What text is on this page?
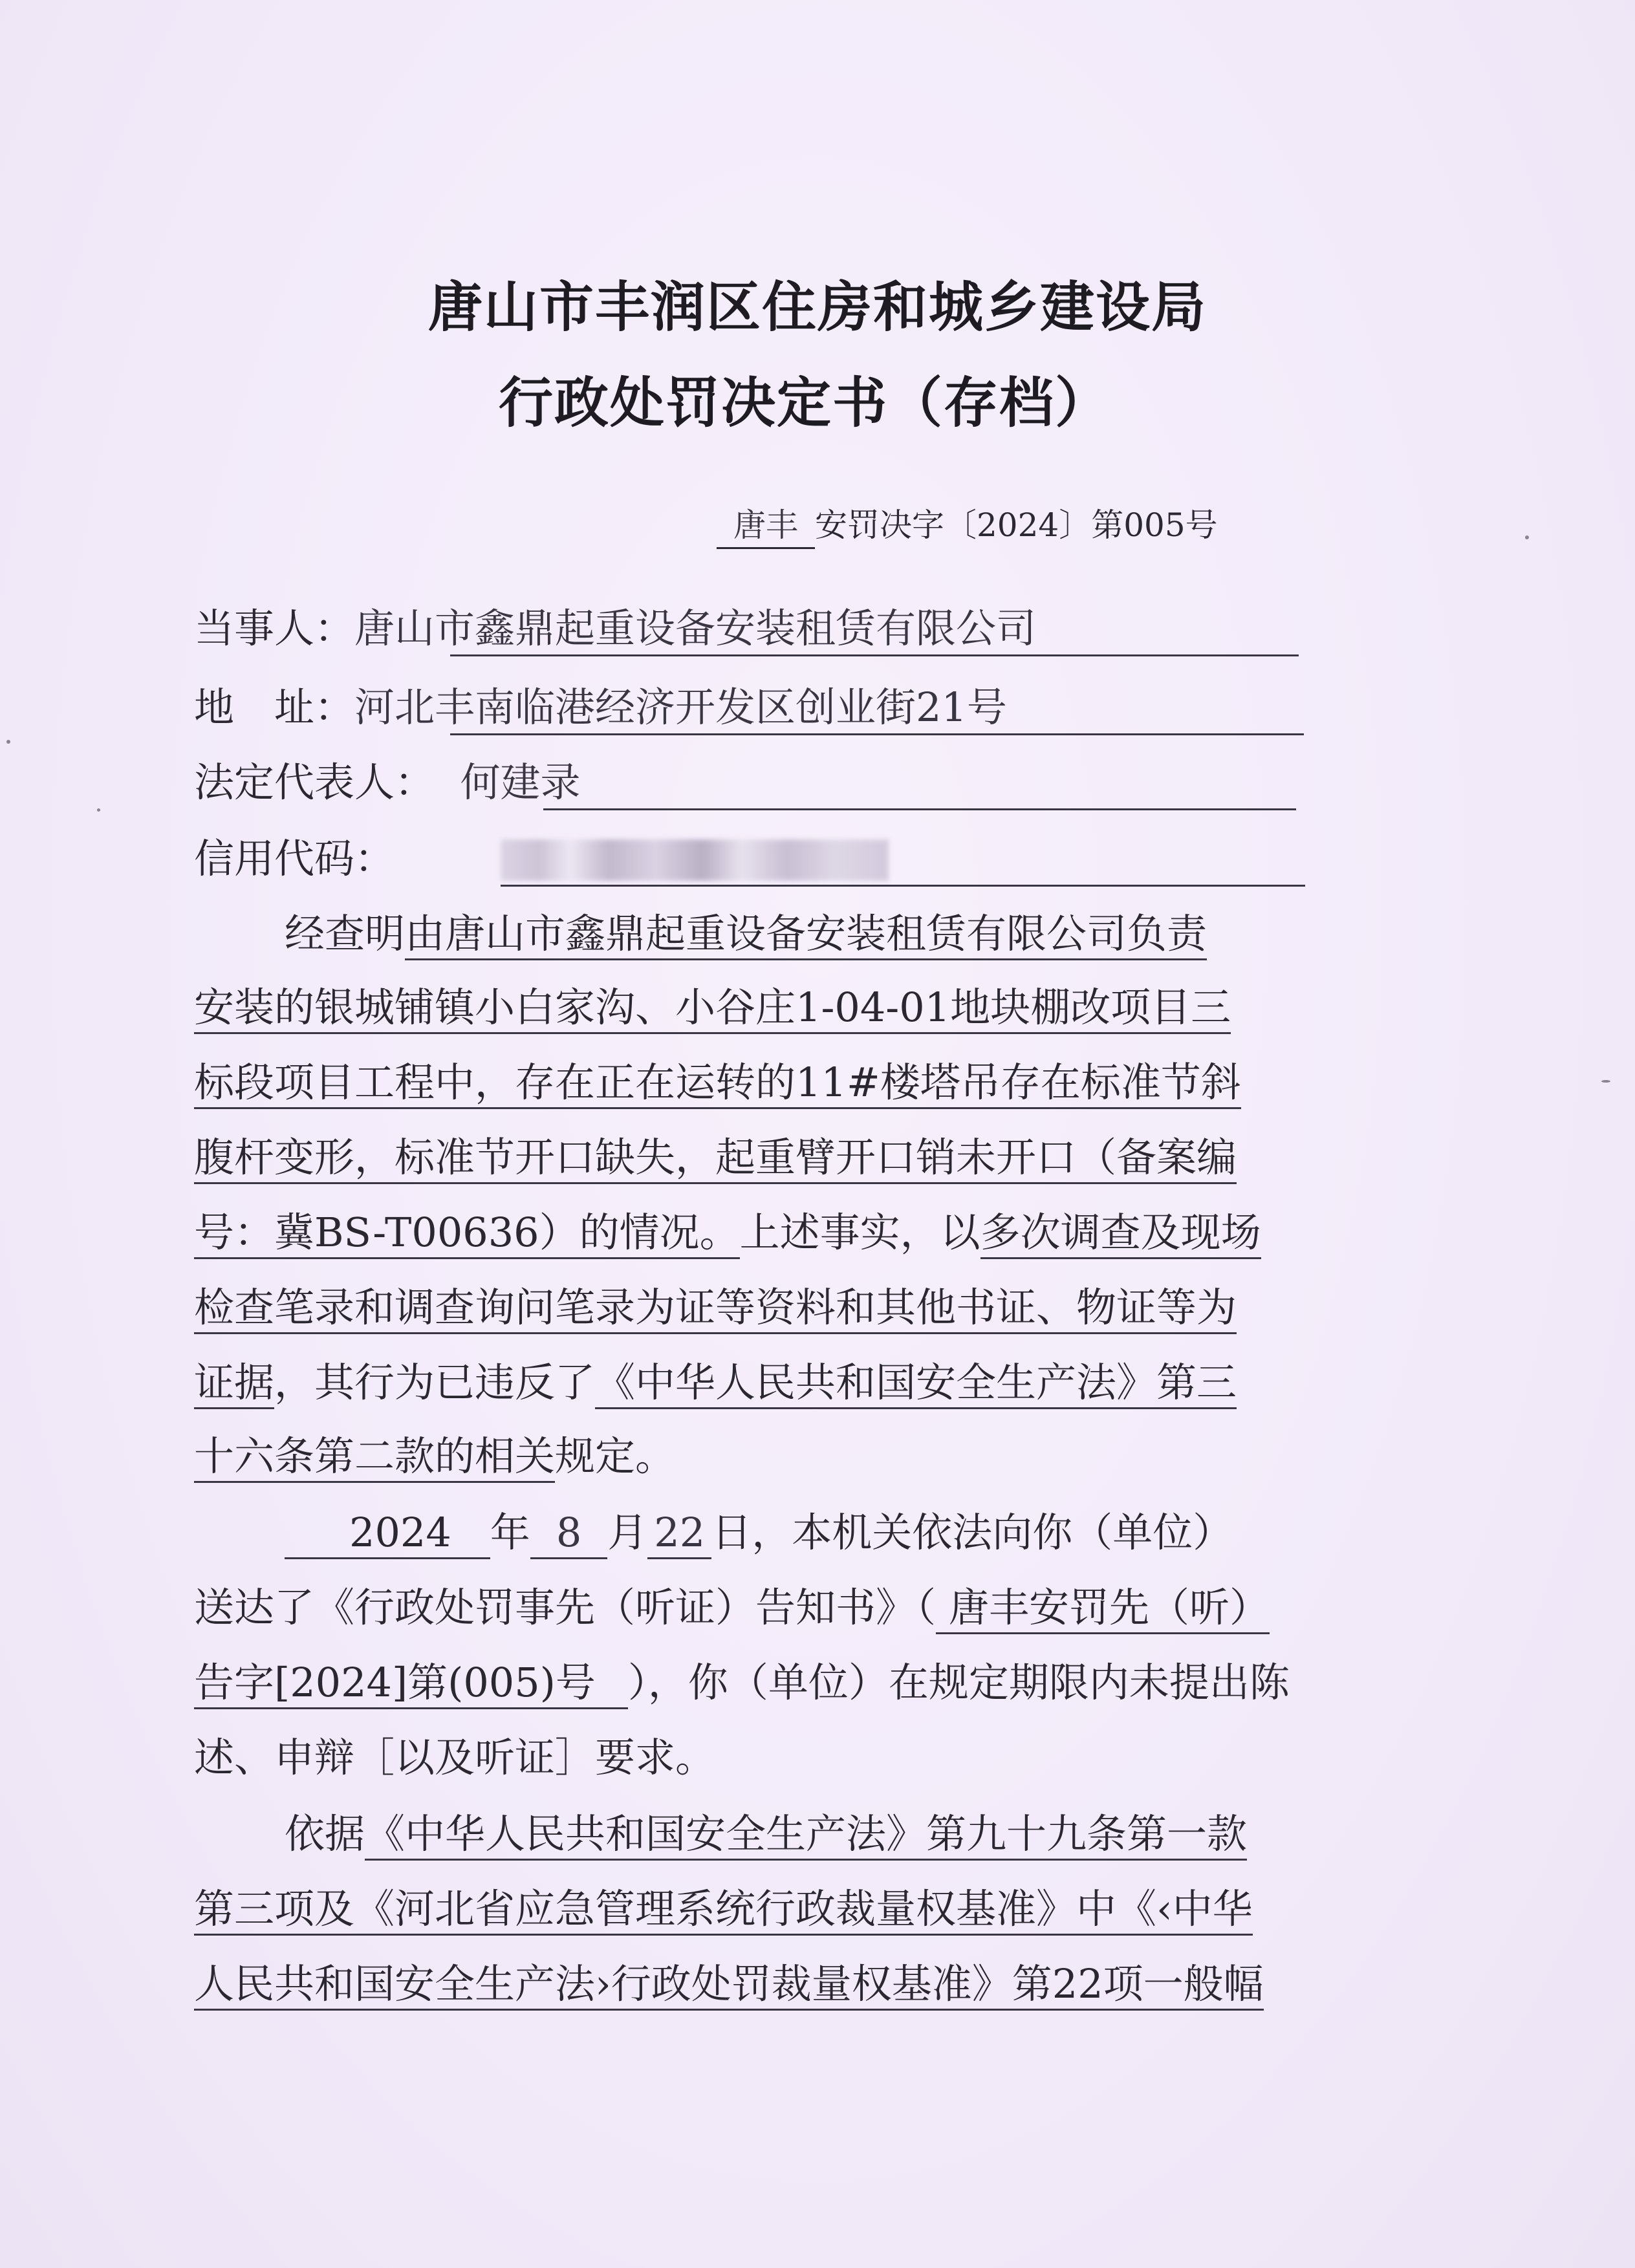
唐山市丰润区住房和城乡建设局
行政处罚决定书（存档）
唐丰 安罚决字〔2024〕第005号
当事人：唐山市鑫鼎起重设备安装租赁有限公司
地　址：河北丰南临港经济开发区创业街21号
法定代表人： 何建录
信用代码：
经查明由唐山市鑫鼎起重设备安装租赁有限公司负责
安装的银城铺镇小白家沟、小谷庄1-04-01地块棚改项目三
标段项目工程中，存在正在运转的11#楼塔吊存在标准节斜
腹杆变形，标准节开口缺失，起重臂开口销未开口（备案编
号：冀BS-T00636）的情况。上述事实，以多次调查及现场
检查笔录和调查询问笔录为证等资料和其他书证、物证等为
证据，其行为已违反了《中华人民共和国安全生产法》第三
十六条第二款的相关规定。
2024 年 8 月 22 日，本机关依法向你（单位）
送达了《行政处罚事先（听证）告知书》（ 唐丰安罚先（听）
告字[2024]第(005)号 ），你（单位）在规定期限内未提出陈
述、申辩［以及听证］要求。
依据《中华人民共和国安全生产法》第九十九条第一款
第三项及《河北省应急管理系统行政裁量权基准》中《‹中华
人民共和国安全生产法›行政处罚裁量权基准》第22项一般幅
